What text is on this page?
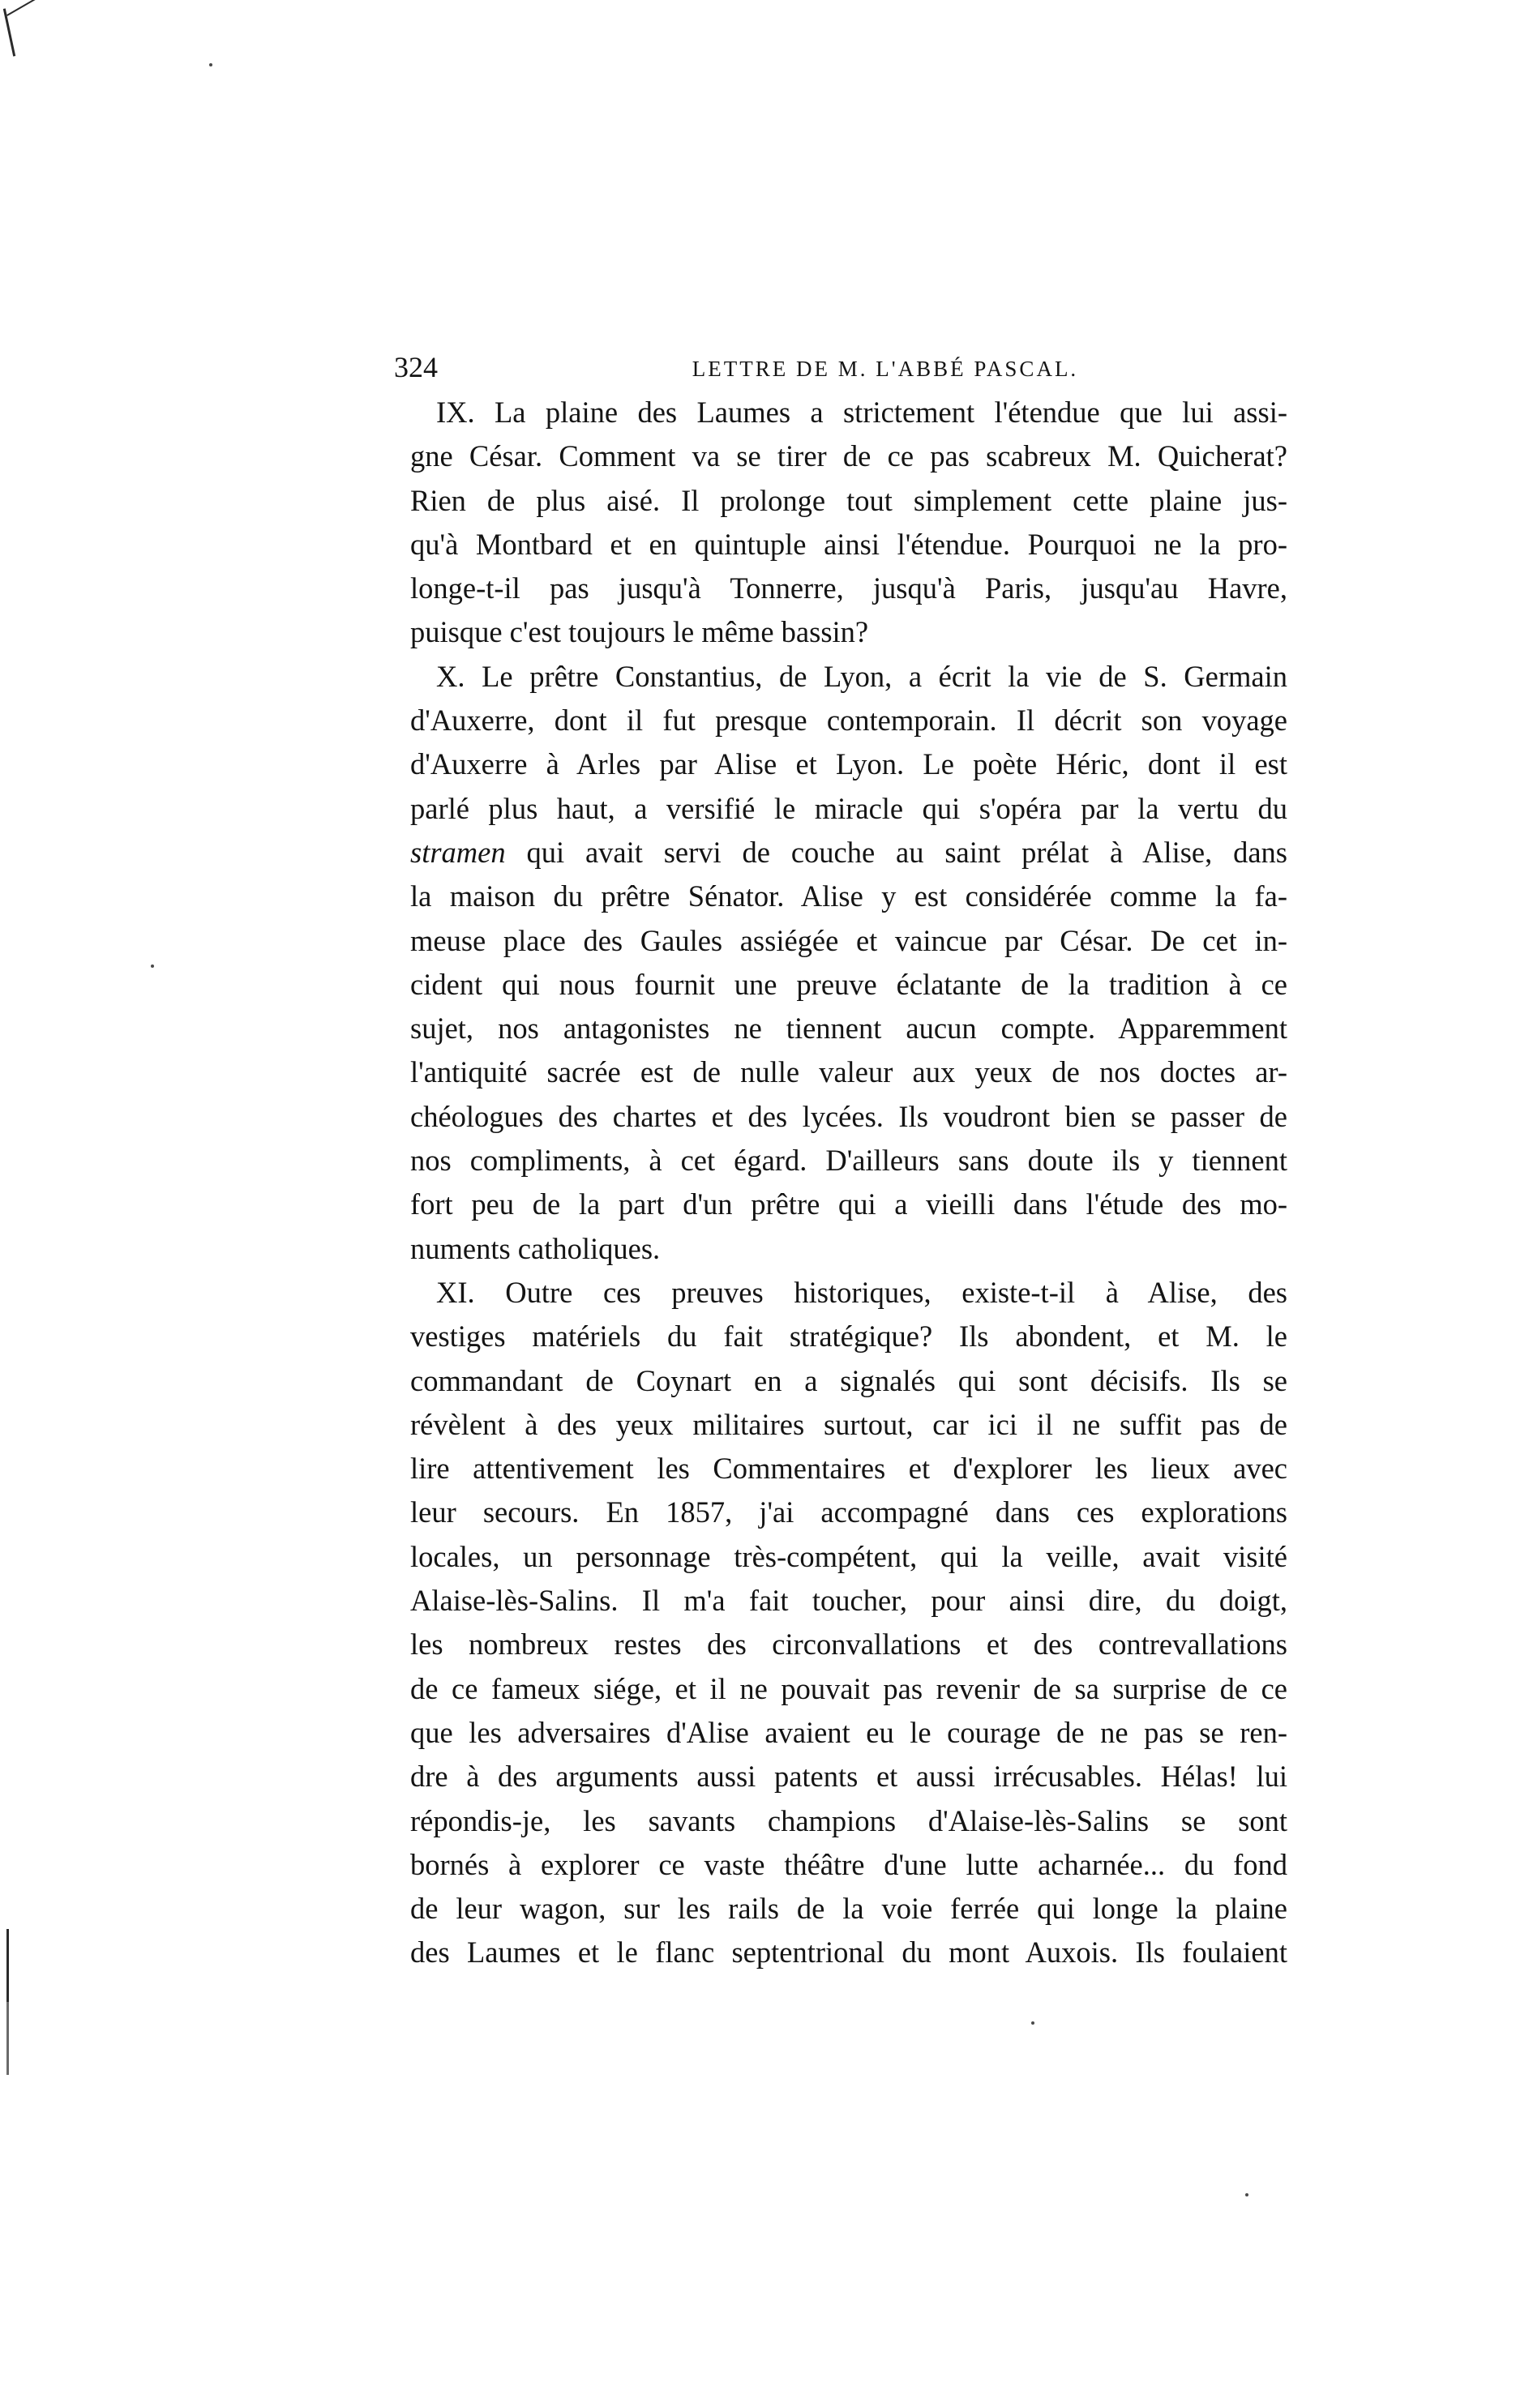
324	LETTRE DE M. L'ABBÉ PASCAL.
IX. La plaine des Laumes a strictement l'étendue que lui assi-
gne César. Comment va se tirer de ce pas scabreux M. Quicherat?
Rien de plus aisé. Il prolonge tout simplement cette plaine jus-
qu'à Montbard et en quintuple ainsi l'étendue. Pourquoi ne la pro-
longe-t-il pas jusqu'à Tonnerre, jusqu'à Paris, jusqu'au Havre,
puisque c'est toujours le même bassin?
X. Le prêtre Constantius, de Lyon, a écrit la vie de S. Germain
d'Auxerre, dont il fut presque contemporain. Il décrit son voyage
d'Auxerre à Arles par Alise et Lyon. Le poète Héric, dont il est
parlé plus haut, a versifié le miracle qui s'opéra par la vertu du
stramen qui avait servi de couche au saint prélat à Alise, dans
la maison du prêtre Sénator. Alise y est considérée comme la fa-
meuse place des Gaules assiégée et vaincue par César. De cet in-
cident qui nous fournit une preuve éclatante de la tradition à ce
sujet, nos antagonistes ne tiennent aucun compte. Apparemment
l'antiquité sacrée est de nulle valeur aux yeux de nos doctes ar-
chéologues des chartes et des lycées. Ils voudront bien se passer de
nos compliments, à cet égard. D'ailleurs sans doute ils y tiennent
fort peu de la part d'un prêtre qui a vieilli dans l'étude des mo-
numents catholiques.
XI. Outre ces preuves historiques, existe-t-il à Alise, des
vestiges matériels du fait stratégique? Ils abondent, et M. le
commandant de Coynart en a signalés qui sont décisifs. Ils se
révèlent à des yeux militaires surtout, car ici il ne suffit pas de
lire attentivement les Commentaires et d'explorer les lieux avec
leur secours. En 1857, j'ai accompagné dans ces explorations
locales, un personnage très-compétent, qui la veille, avait visité
Alaise-lès-Salins. Il m'a fait toucher, pour ainsi dire, du doigt,
les nombreux restes des circonvallations et des contrevallations
de ce fameux siége, et il ne pouvait pas revenir de sa surprise de ce
que les adversaires d'Alise avaient eu le courage de ne pas se ren-
dre à des arguments aussi patents et aussi irrécusables. Hélas! lui
répondis-je, les savants champions d'Alaise-lès-Salins se sont
bornés à explorer ce vaste théâtre d'une lutte acharnée... du fond
de leur wagon, sur les rails de la voie ferrée qui longe la plaine
des Laumes et le flanc septentrional du mont Auxois. Ils foulaient
